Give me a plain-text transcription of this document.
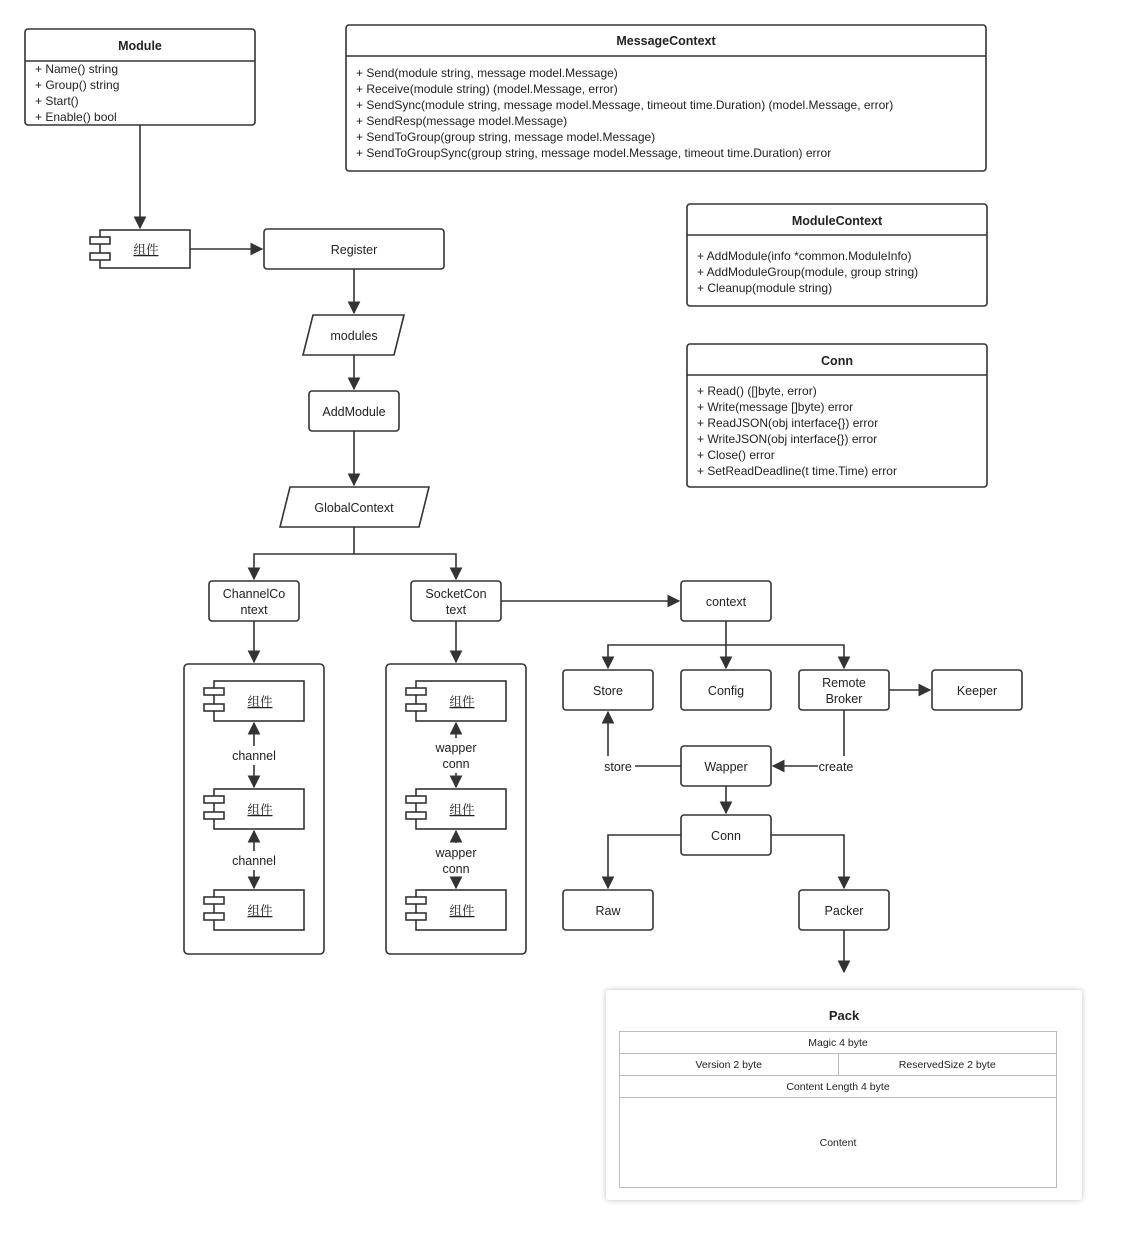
Module
+ Name() string
+ Group() string
+ Start()
+ Enable() bool
MessageContext
+ Send(module string, message model.Message)
+ Receive(module string) (model.Message, error)
+ SendSync(module string, message model.Message, timeout time.Duration) (model.Message, error)
+ SendResp(message model.Message)
+ SendToGroup(group string, message model.Message)
+ SendToGroupSync(group string, message model.Message, timeout time.Duration) error
ModuleContext
+ AddModule(info *common.ModuleInfo)
+ AddModuleGroup(module, group string)
+ Cleanup(module string)
Conn
+ Read() ([]byte, error)
+ Write(message []byte) error
+ ReadJSON(obj interface{}) error
+ WriteJSON(obj interface{}) error
+ Close() error
+ SetReadDeadline(t time.Time) error
组件	Register
modules
AddModule
GlobalContext
ChannelCo
ntext
SocketCon
text
组件
组件
组件
channel
channel
组件
组件
组件
wapper
conn
wapper
conn
context
Store	Config
Remote
Broker
Keeper
Wapper
store	create
Conn
Raw	Packer
Pack
Magic 4 byte
Version 2 byte	ReservedSize 2 byte
Content Length 4 byte
Content
